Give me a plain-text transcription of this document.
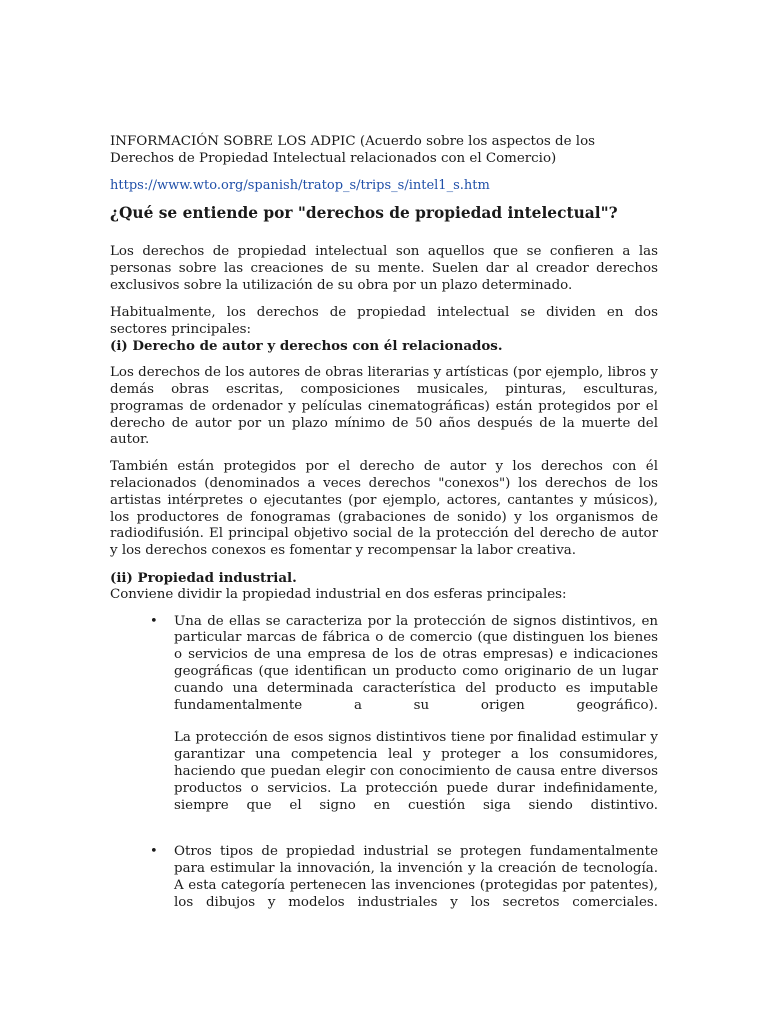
INFORMACIÓN SOBRE LOS ADPIC (Acuerdo sobre los aspectos de los Derechos de Propiedad Intelectual relacionados con el Comercio)

https://www.wto.org/spanish/tratop_s/trips_s/intel1_s.htm

¿Qué se entiende por "derechos de propiedad intelectual"?

Los derechos de propiedad intelectual son aquellos que se confieren a las personas sobre las creaciones de su mente. Suelen dar al creador derechos exclusivos sobre la utilización de su obra por un plazo determinado.

Habitualmente, los derechos de propiedad intelectual se dividen en dos sectores principales:

(i) Derecho de autor y derechos con él relacionados.

Los derechos de los autores de obras literarias y artísticas (por ejemplo, libros y demás obras escritas, composiciones musicales, pinturas, esculturas, programas de ordenador y películas cinematográficas) están protegidos por el derecho de autor por un plazo mínimo de 50 años después de la muerte del autor.

También están protegidos por el derecho de autor y los derechos con él relacionados (denominados a veces derechos "conexos") los derechos de los artistas intérpretes o ejecutantes (por ejemplo, actores, cantantes y músicos), los productores de fonogramas (grabaciones de sonido) y los organismos de radiodifusión. El principal objetivo social de la protección del derecho de autor y los derechos conexos es fomentar y recompensar la labor creativa.

(ii) Propiedad industrial.

Conviene dividir la propiedad industrial en dos esferas principales:

• Una de ellas se caracteriza por la protección de signos distintivos, en particular marcas de fábrica o de comercio (que distinguen los bienes o servicios de una empresa de los de otras empresas) e indicaciones geográficas (que identifican un producto como originario de un lugar cuando una determinada característica del producto es imputable fundamentalmente a su origen geográfico).

La protección de esos signos distintivos tiene por finalidad estimular y garantizar una competencia leal y proteger a los consumidores, haciendo que puedan elegir con conocimiento de causa entre diversos productos o servicios. La protección puede durar indefinidamente, siempre que el signo en cuestión siga siendo distintivo.

• Otros tipos de propiedad industrial se protegen fundamentalmente para estimular la innovación, la invención y la creación de tecnología. A esta categoría pertenecen las invenciones (protegidas por patentes), los dibujos y modelos industriales y los secretos comerciales.
